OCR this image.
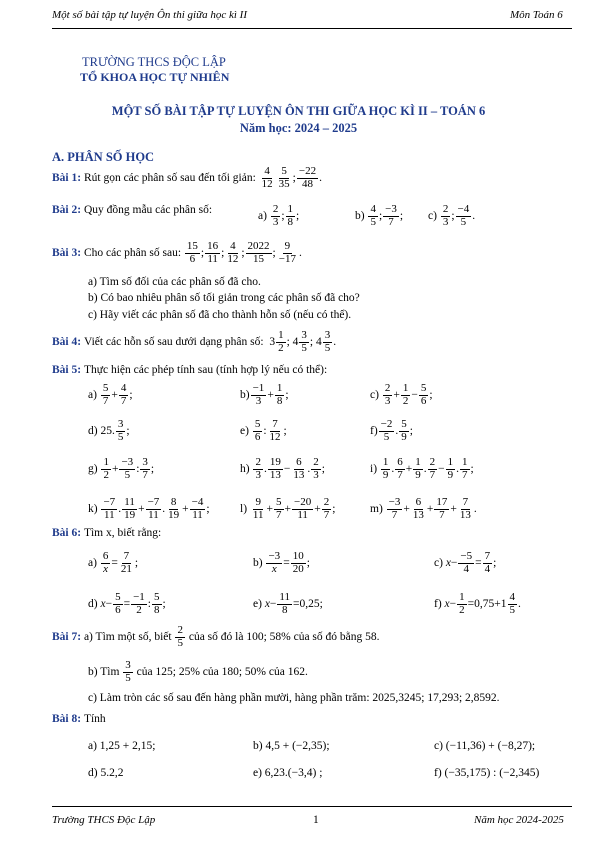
Một số bài tập tự luyện Ôn thi giữa học kì II	Môn Toán 6
TRƯỜNG THCS ĐỘC LẬP
TỔ KHOA HỌC TỰ NHIÊN
MỘT SỐ BÀI TẬP TỰ LUYỆN ÔN THI GIỮA HỌC KÌ II – TOÁN 6
Năm học: 2024 – 2025
A. PHÂN SỐ HỌC
Bài 1:
Rút gọn các phân số sau đến tối giản:
$\frac{4}{12} \frac{5}{35}$ ; $\frac{-22}{48}$ .
Bài 2:
Quy đồng mẫu các phân số:
a)
$\frac{2}{3}$ ; $\frac{1}{8}$ ;	b)
$\frac{4}{5}$ ; $\frac{-3}{7}$ ; c)
$\frac{2}{3}$ ; $\frac{-4}{5}$ .
Bài 3:
Cho các phân số sau:
$\frac{15}{6}$ ; $\frac{16}{11}$ ; $\frac{4}{12}$ ; $\frac{2022}{15}$ ; $\frac{9}{-17}$ .
a) Tìm số đối của các phân số đã cho.
b) Có bao nhiêu phân số tối giản trong các phân số đã cho?
c) Hãy viết các phân số đã cho thành hỗn số (nếu có thể).
Bài 4:
Viết các hỗn số sau dưới dạng phân số: $3 \frac{1}{2}$ ; $4 \frac{3}{5}$ ; $4 \frac{3}{5}$ .
Bài 5:
Thực hiện các phép tính sau (tính hợp lý nếu có thể):
$a) \frac{5}{7} + \frac{4}{7}$ ;	$b) \frac{-1}{3} + \frac{1}{8}$ ;	$c) \frac{2}{3} + \frac{1}{2} - \frac{5}{6}$ ;
d) 25. $\frac{3}{5}$ ;	$e) \frac{5}{6}$ : $\frac{7}{12}$ ;	$f) \frac{-2}{5}$ . $\frac{5}{9}$ ;
$g) \frac{1}{2} + \frac{-3}{5}$ : $\frac{3}{7}$ ;	$h) \frac{2}{3}$ . $\frac{19}{13} - \frac{6}{13}$ . $\frac{2}{3}$ ;	$i) \frac{1}{9}$ . $\frac{6}{7} + \frac{1}{9}$ . $\frac{2}{7} - \frac{1}{9}$ . $\frac{1}{7}$ ;
$k) \frac{-7}{11}$ . $\frac{11}{19} + \frac{-7}{11}$ . $\frac{8}{19} + \frac{-4}{11}$ ;	$l) \frac{9}{11} + \frac{5}{7} + \frac{-20}{11} + \frac{2}{7}$ ;	$m) \frac{-3}{7} + \frac{6}{13} + \frac{17}{7} + \frac{7}{13}$ .
Bài 6:
Tìm x, biết rằng:
$a) \frac{6}{x} = \frac{7}{21}$ ;	$b) \frac{-3}{x} = \frac{10}{20}$ ;	c) $x - \frac{-5}{4} = \frac{7}{4}$ ;
d) $x - \frac{5}{6} = \frac{-1}{2}$ : $\frac{5}{8}$ ;	e) $x - \frac{11}{8} =0,25$;	f) $x - \frac{1}{2} =0,75+1 \frac{4}{5}$ .
Bài 7:
a) Tìm một số, biết
$\frac{2}{5}$
của số đó là 100; 58% của số đó bằng 58.
b) Tìm
$\frac{3}{5}$
của 125; 25% của 180; 50% của 162.
c) Làm tròn các số sau đến hàng phần mười, hàng phần trăm: 2025,3245; 17,293; 2,8592.
Bài 8:
Tính
a) 1,25 + 2,15;	b) 4,5 + (−2,35);	c) (−11,36) + (−8,27);
d) 5.2,2	e) 6,23.(−3,4) ;	f) (−35,175) : (−2,345)
Trường THCS Độc Lập	1	Năm học 2024-2025
